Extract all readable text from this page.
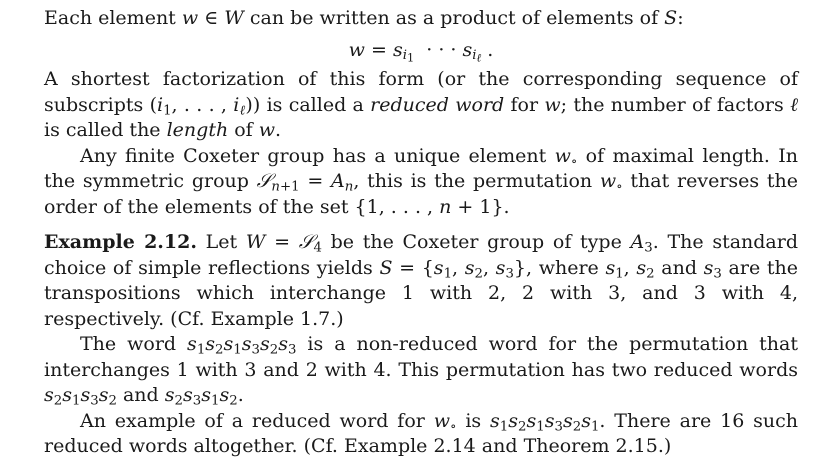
Each element w ∈ W can be written as a product of elements of S:

$w = s_{i_1}$  · · · $s_{i_\ell}$ .

A shortest factorization of this form (or the corresponding sequence of subscripts ($i_1$, . . . , $i_\ell$)) is called a reduced word for w; the number of factors ℓ is called the length of w.

Any finite Coxeter group has a unique element $w_\circ$ of maximal length. In the symmetric group 𝒮$_{n+1}$ = $A_n$, this is the permutation $w_\circ$ that reverses the order of the elements of the set {1, . . . , n + 1}.

Example 2.12. Let W = 𝒮$_4$ be the Coxeter group of type $A_3$. The standard choice of simple reflections yields $S = \{s_1$, $s_2$, $s_3$}, where $s_1$, $s_2$ and $s_3$ are the transpositions which interchange 1 with 2, 2 with 3, and 3 with 4, respectively. (Cf. Example 1.7.)

The word $s_1s_2s_1s_3s_2s_3$ is a non-reduced word for the permutation that interchanges 1 with 3 and 2 with 4. This permutation has two reduced words $s_2s_1s_3s_2$ and $s_2s_3s_1s_2$.

An example of a reduced word for $w_\circ$ is $s_1s_2s_1s_3s_2s_1$. There are 16 such reduced words altogether. (Cf. Example 2.14 and Theorem 2.15.)
